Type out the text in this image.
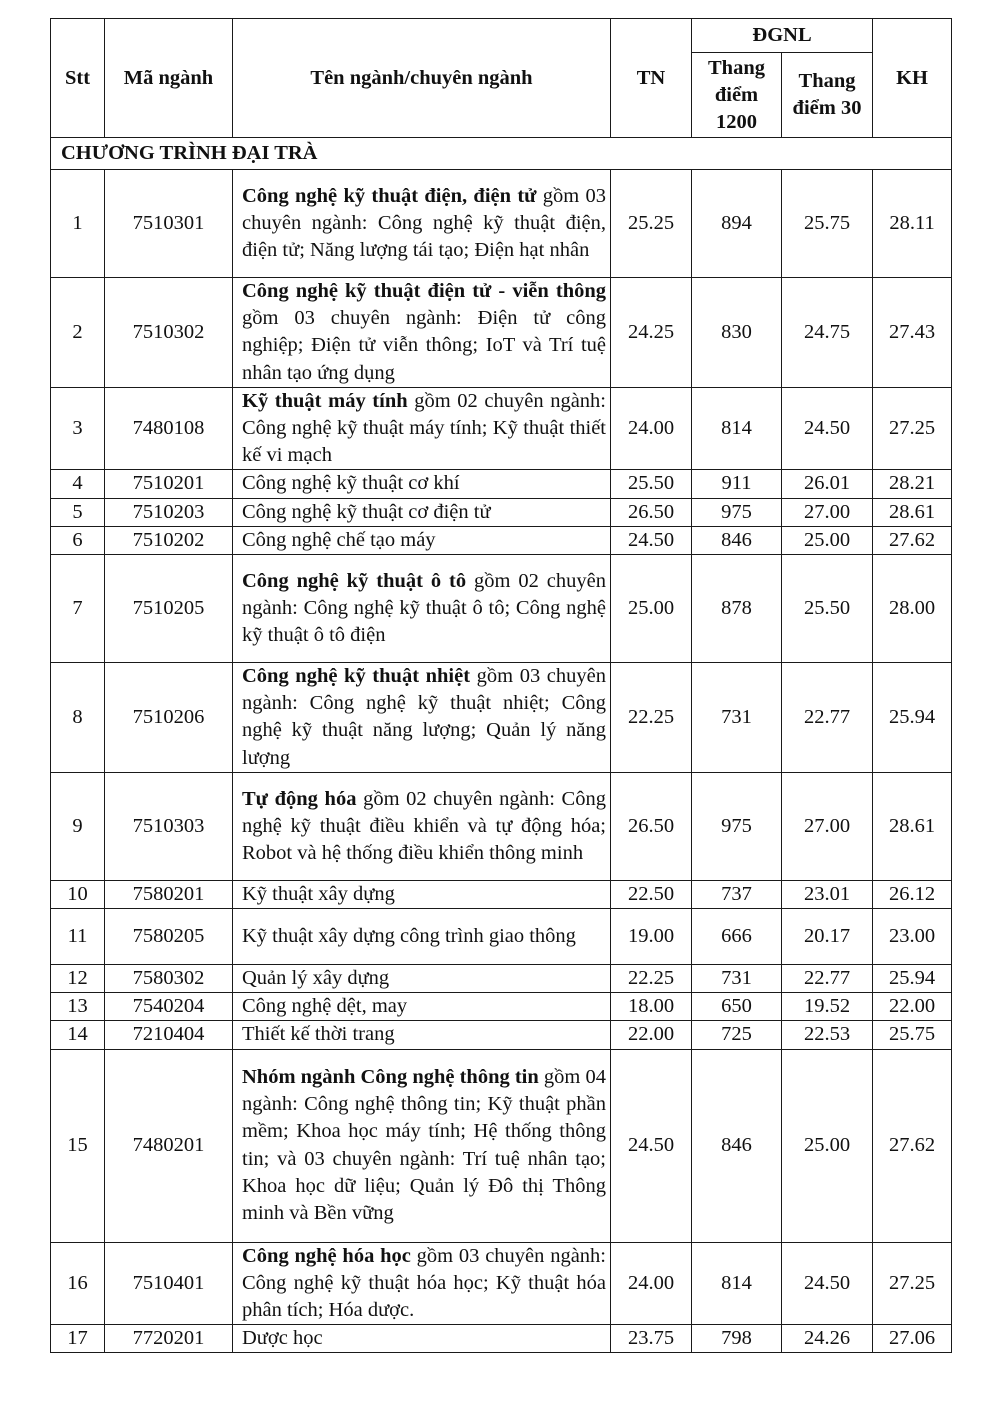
Stt	Mã ngành	Tên ngành/chuyên ngành	TN	ĐGNL		KH
				Thang điểm 1200	Thang điểm 30	
CHƯƠNG TRÌNH ĐẠI TRÀ						
1	7510301	Công nghệ kỹ thuật điện, điện tử gồm 03 chuyên ngành: Công nghệ kỹ thuật điện, điện tử; Năng lượng tái tạo; Điện hạt nhân	25.25	894	25.75	28.11
2	7510302	Công nghệ kỹ thuật điện tử - viễn thông gồm 03 chuyên ngành: Điện tử công nghiệp; Điện tử viễn thông; IoT và Trí tuệ nhân tạo ứng dụng	24.25	830	24.75	27.43
3	7480108	Kỹ thuật máy tính gồm 02 chuyên ngành: Công nghệ kỹ thuật máy tính; Kỹ thuật thiết kế vi mạch	24.00	814	24.50	27.25
4	7510201	Công nghệ kỹ thuật cơ khí	25.50	911	26.01	28.21
5	7510203	Công nghệ kỹ thuật cơ điện tử	26.50	975	27.00	28.61
6	7510202	Công nghệ chế tạo máy	24.50	846	25.00	27.62
7	7510205	Công nghệ kỹ thuật ô tô gồm 02 chuyên ngành: Công nghệ kỹ thuật ô tô; Công nghệ kỹ thuật ô tô điện	25.00	878	25.50	28.00
8	7510206	Công nghệ kỹ thuật nhiệt gồm 03 chuyên ngành: Công nghệ kỹ thuật nhiệt; Công nghệ kỹ thuật năng lượng; Quản lý năng lượng	22.25	731	22.77	25.94
9	7510303	Tự động hóa gồm 02 chuyên ngành: Công nghệ kỹ thuật điều khiển và tự động hóa; Robot và hệ thống điều khiển thông minh	26.50	975	27.00	28.61
10	7580201	Kỹ thuật xây dựng	22.50	737	23.01	26.12
11	7580205	Kỹ thuật xây dựng công trình giao thông	19.00	666	20.17	23.00
12	7580302	Quản lý xây dựng	22.25	731	22.77	25.94
13	7540204	Công nghệ dệt, may	18.00	650	19.52	22.00
14	7210404	Thiết kế thời trang	22.00	725	22.53	25.75
15	7480201	Nhóm ngành Công nghệ thông tin gồm 04 ngành: Công nghệ thông tin; Kỹ thuật phần mềm; Khoa học máy tính; Hệ thống thông tin; và 03 chuyên ngành: Trí tuệ nhân tạo; Khoa học dữ liệu; Quản lý Đô thị Thông minh và Bền vững	24.50	846	25.00	27.62
16	7510401	Công nghệ hóa học gồm 03 chuyên ngành: Công nghệ kỹ thuật hóa học; Kỹ thuật hóa phân tích; Hóa dược.	24.00	814	24.50	27.25
17	7720201	Dược học	23.75	798	24.26	27.06
